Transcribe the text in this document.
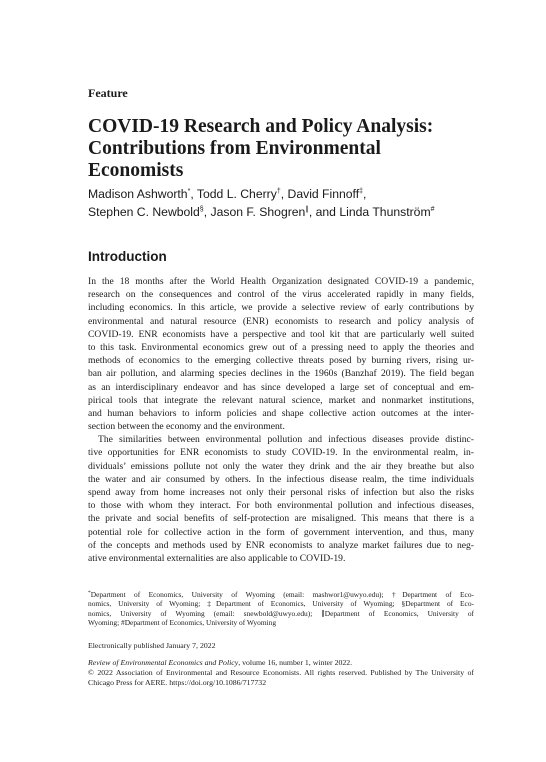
Feature
COVID-19 Research and Policy Analysis:
Contributions from Environmental
Economists
Madison Ashworth*, Todd L. Cherry†, David Finnoff‡,
Stephen C. Newbold§, Jason F. Shogren∥, and Linda Thunström#
Introduction
In the 18 months after the World Health Organization designated COVID-19 a pandemic,
research on the consequences and control of the virus accelerated rapidly in many fields,
including economics. In this article, we provide a selective review of early contributions by
environmental and natural resource (ENR) economists to research and policy analysis of
COVID-19. ENR economists have a perspective and tool kit that are particularly well suited
to this task. Environmental economics grew out of a pressing need to apply the theories and
methods of economics to the emerging collective threats posed by burning rivers, rising ur-
ban air pollution, and alarming species declines in the 1960s (Banzhaf 2019). The field began
as an interdisciplinary endeavor and has since developed a large set of conceptual and em-
pirical tools that integrate the relevant natural science, market and nonmarket institutions,
and human behaviors to inform policies and shape collective action outcomes at the inter-
section between the economy and the environment.
The similarities between environmental pollution and infectious diseases provide distinc-
tive opportunities for ENR economists to study COVID-19. In the environmental realm, in-
dividuals’ emissions pollute not only the water they drink and the air they breathe but also
the water and air consumed by others. In the infectious disease realm, the time individuals
spend away from home increases not only their personal risks of infection but also the risks
to those with whom they interact. For both environmental pollution and infectious diseases,
the private and social benefits of self-protection are misaligned. This means that there is a
potential role for collective action in the form of government intervention, and thus, many
of the concepts and methods used by ENR economists to analyze market failures due to neg-
ative environmental externalities are also applicable to COVID-19.
*Department of Economics, University of Wyoming (email: mashwor1@uwyo.edu); †Department of Eco-
nomics, University of Wyoming; ‡Department of Economics, University of Wyoming; §Department of Eco-
nomics, University of Wyoming (email: snewbold@uwyo.edu); ∥Department of Economics, University of
Wyoming; #Department of Economics, University of Wyoming
Electronically published January 7, 2022
Review of Environmental Economics and Policy, volume 16, number 1, winter 2022.
© 2022 Association of Environmental and Resource Economists. All rights reserved. Published by The University of
Chicago Press for AERE. https://doi.org/10.1086/717732
